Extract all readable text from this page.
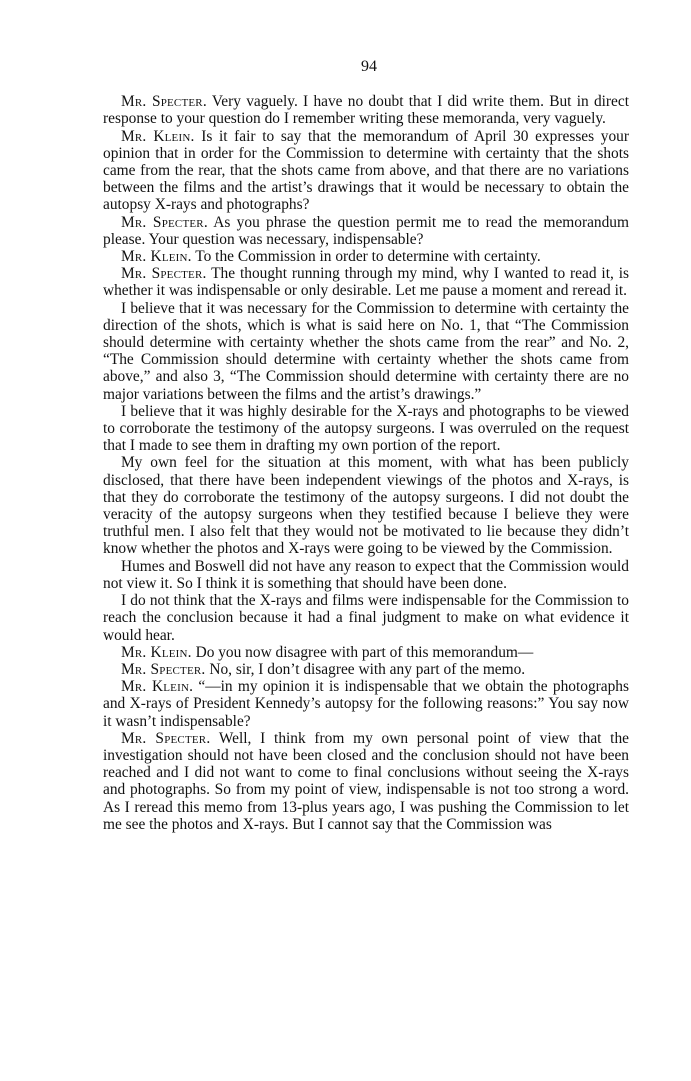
94

Mr. Specter. Very vaguely. I have no doubt that I did write them. But in direct response to your question do I remember writing these memoranda, very vaguely.

Mr. Klein. Is it fair to say that the memorandum of April 30 expresses your opinion that in order for the Commission to determine with certainty that the shots came from the rear, that the shots came from above, and that there are no variations between the films and the artist’s drawings that it would be necessary to obtain the autopsy X-rays and photographs?

Mr. Specter. As you phrase the question permit me to read the memorandum please. Your question was necessary, indispensable?

Mr. Klein. To the Commission in order to determine with certainty.

Mr. Specter. The thought running through my mind, why I wanted to read it, is whether it was indispensable or only desirable. Let me pause a moment and reread it.

I believe that it was necessary for the Commission to determine with certainty the direction of the shots, which is what is said here on No. 1, that “The Commission should determine with certainty whether the shots came from the rear” and No. 2, “The Commission should determine with certainty whether the shots came from above,” and also 3, “The Commission should determine with certainty there are no major variations between the films and the artist’s drawings.”

I believe that it was highly desirable for the X-rays and photographs to be viewed to corroborate the testimony of the autopsy surgeons. I was overruled on the request that I made to see them in drafting my own portion of the report.

My own feel for the situation at this moment, with what has been publicly disclosed, that there have been independent viewings of the photos and X-rays, is that they do corroborate the testimony of the autopsy surgeons. I did not doubt the veracity of the autopsy surgeons when they testified because I believe they were truthful men. I also felt that they would not be motivated to lie because they didn’t know whether the photos and X-rays were going to be viewed by the Commission.

Humes and Boswell did not have any reason to expect that the Commission would not view it. So I think it is something that should have been done.

I do not think that the X-rays and films were indispensable for the Commission to reach the conclusion because it had a final judgment to make on what evidence it would hear.

Mr. Klein. Do you now disagree with part of this memorandum—

Mr. Specter. No, sir, I don’t disagree with any part of the memo.

Mr. Klein. “—in my opinion it is indispensable that we obtain the photographs and X-rays of President Kennedy’s autopsy for the following reasons:” You say now it wasn’t indispensable?

Mr. Specter. Well, I think from my own personal point of view that the investigation should not have been closed and the conclusion should not have been reached and I did not want to come to final conclusions without seeing the X-rays and photographs. So from my point of view, indispensable is not too strong a word. As I reread this memo from 13-plus years ago, I was pushing the Commission to let me see the photos and X-rays. But I cannot say that the Commission was
